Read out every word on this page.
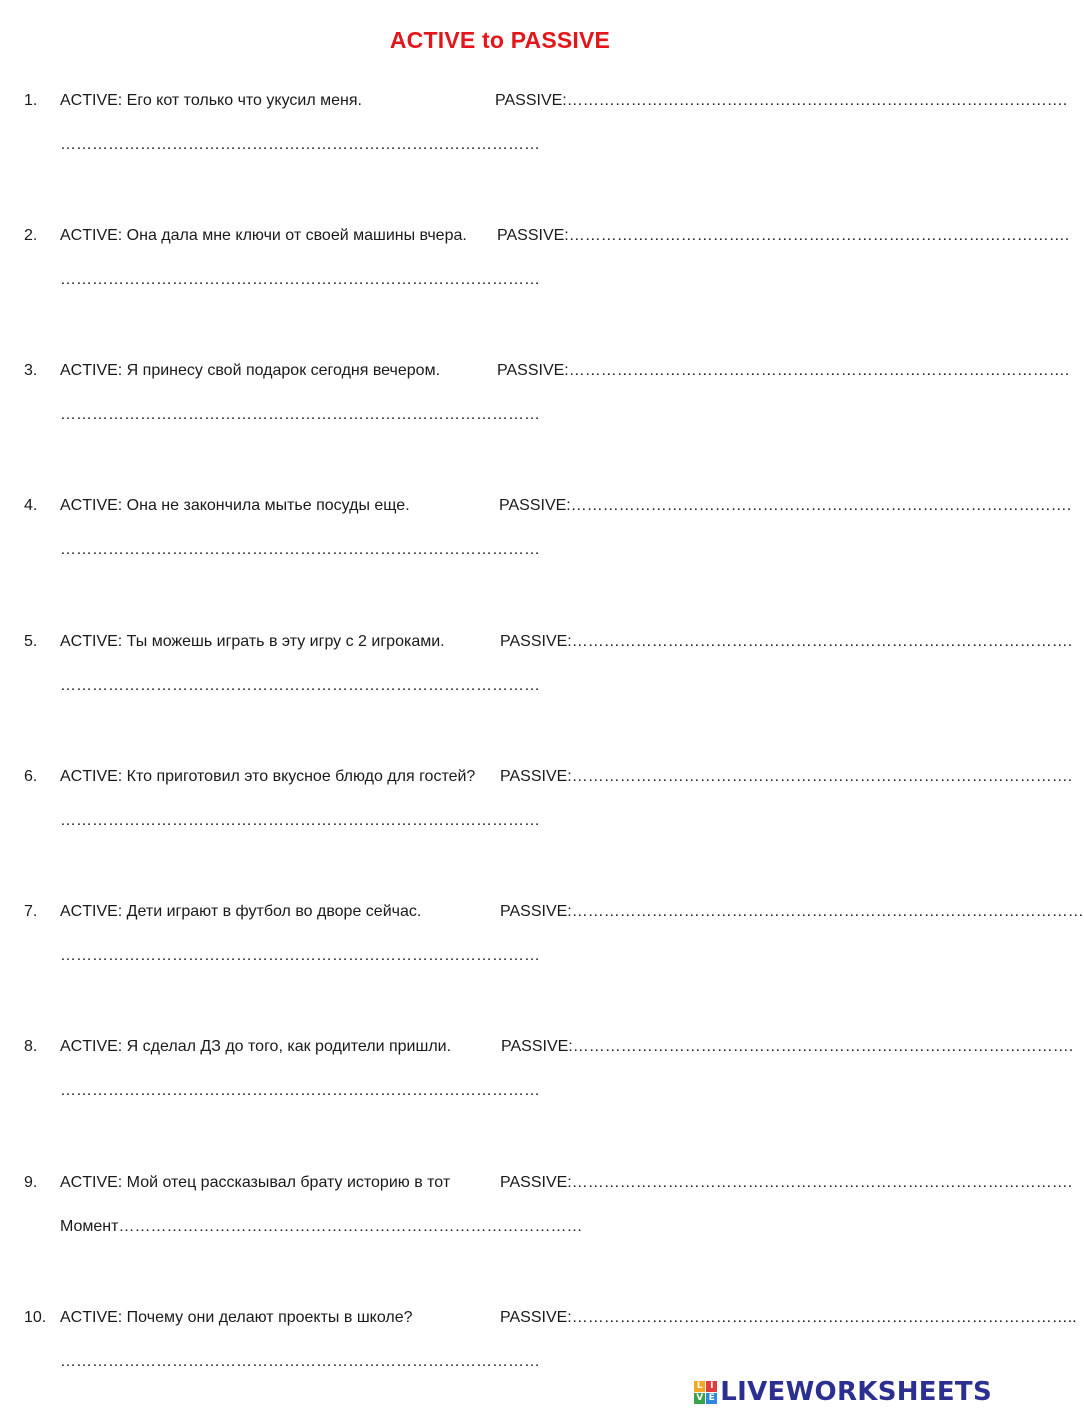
ACTIVE to PASSIVE
1. ACTIVE: Его кот только что укусил меня.	PASSIVE:………………………………………………………………………………….
………………………………………………………………………………
2. ACTIVE: Она дала мне ключи от своей машины вчера. PASSIVE:………………………………………………………………………………….
………………………………………………………………………………
3. ACTIVE: Я принесу свой подарок сегодня вечером.	PASSIVE:………………………………………………………………………………….
………………………………………………………………………………
4. ACTIVE: Она не закончила мытье посуды еще.	PASSIVE:………………………………………………………………………………….
………………………………………………………………………………
5. ACTIVE: Ты можешь играть в эту игру с 2 игроками.	PASSIVE:………………………………………………………………………………….
………………………………………………………………………………
6. ACTIVE: Кто приготовил это вкусное блюдо для гостей? PASSIVE:………………………………………………………………………………….
………………………………………………………………………………
7. ACTIVE: Дети играют в футбол во дворе сейчас.	PASSIVE:……………………………………………………………………………………
………………………………………………………………………………
8. ACTIVE: Я сделал ДЗ до того, как родители пришли.	PASSIVE:………………………………………………………………………………….
………………………………………………………………………………
9. ACTIVE: Мой отец рассказывал брату историю в тот	PASSIVE:………………………………………………………………………………….
Момент……………………………………………………………………………
10. ACTIVE: Почему они делают проекты в школе?	PASSIVE:…………………………………………………………………………………..
………………………………………………………………………………
L I
V E LIVEWORKSHEETS
